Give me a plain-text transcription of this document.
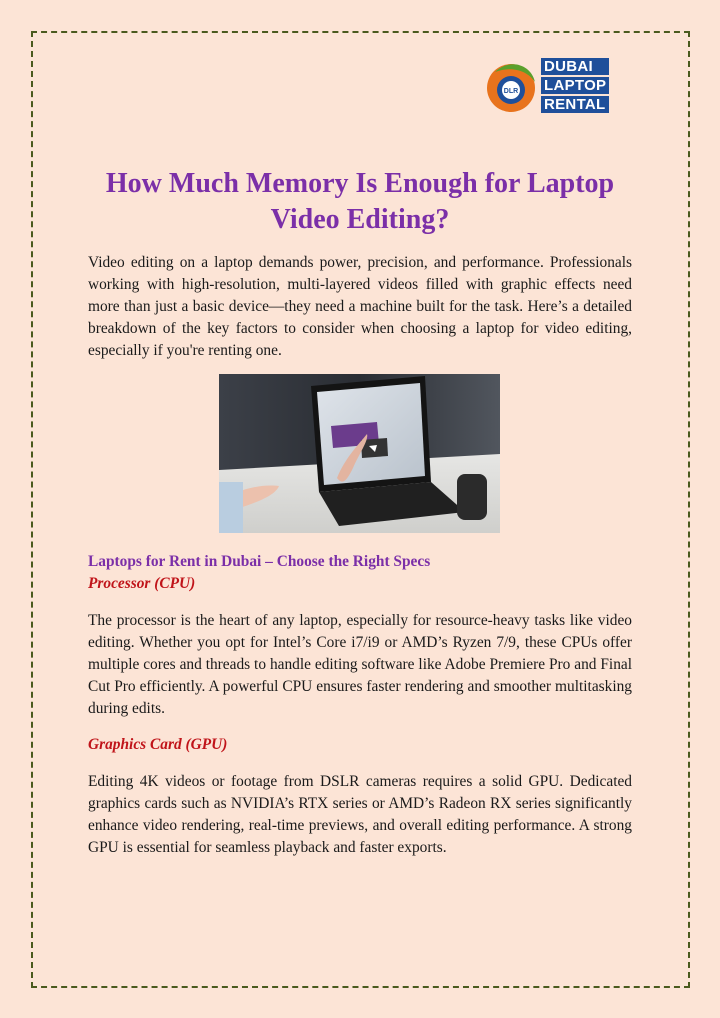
DLR
DUBAI
LAPTOP
RENTAL
How Much Memory Is Enough for Laptop Video Editing?

Video editing on a laptop demands power, precision, and performance. Professionals working with high-resolution, multi-layered videos filled with graphic effects need more than just a basic device—they need a machine built for the task. Here’s a detailed breakdown of the key factors to consider when choosing a laptop for video editing, especially if you're renting one.

Laptops for Rent in Dubai – Choose the Right Specs
Processor (CPU)

The processor is the heart of any laptop, especially for resource-heavy tasks like video editing. Whether you opt for Intel’s Core i7/i9 or AMD’s Ryzen 7/9, these CPUs offer multiple cores and threads to handle editing software like Adobe Premiere Pro and Final Cut Pro efficiently. A powerful CPU ensures faster rendering and smoother multitasking during edits.

Graphics Card (GPU)

Editing 4K videos or footage from DSLR cameras requires a solid GPU. Dedicated graphics cards such as NVIDIA’s RTX series or AMD’s Radeon RX series significantly enhance video rendering, real-time previews, and overall editing performance. A strong GPU is essential for seamless playback and faster exports.
